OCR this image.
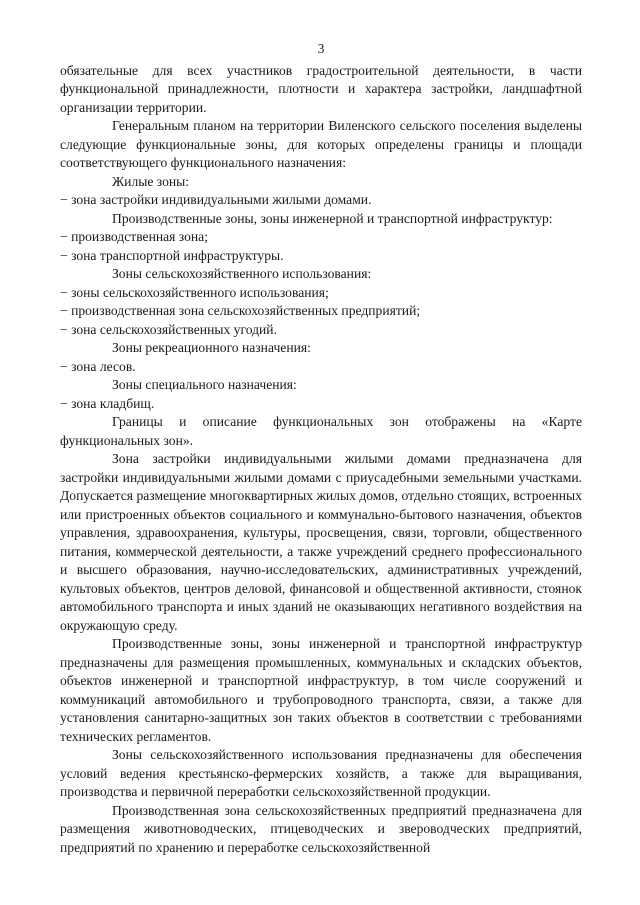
3

обязательные для всех участников градостроительной деятельности, в части функциональной принадлежности, плотности и характера застройки, ландшафтной организации территории.

Генеральным планом на территории Виленского сельского поселения выделены следующие функциональные зоны, для которых определены границы и площади соответствующего функционального назначения:

Жилые зоны:

− зона застройки индивидуальными жилыми домами.

Производственные зоны, зоны инженерной и транспортной инфраструктур:

− производственная зона;

− зона транспортной инфраструктуры.

Зоны сельскохозяйственного использования:

− зоны сельскохозяйственного использования;

− производственная зона сельскохозяйственных предприятий;

− зона сельскохозяйственных угодий.

Зоны рекреационного назначения:

− зона лесов.

Зоны специального назначения:

− зона кладбищ.

Границы и описание функциональных зон отображены на «Карте функциональных зон».

Зона застройки индивидуальными жилыми домами предназначена для застройки индивидуальными жилыми домами с приусадебными земельными участками. Допускается размещение многоквартирных жилых домов, отдельно стоящих, встроенных или пристроенных объектов социального и коммунально-бытового назначения, объектов управления, здравоохранения, культуры, просвещения, связи, торговли, общественного питания, коммерческой деятельности, а также учреждений среднего профессионального и высшего образования, научно-исследовательских, административных учреждений, культовых объектов, центров деловой, финансовой и общественной активности, стоянок автомобильного транспорта и иных зданий не оказывающих негативного воздействия на окружающую среду.

Производственные зоны, зоны инженерной и транспортной инфраструктур предназначены для размещения промышленных, коммунальных и складских объектов, объектов инженерной и транспортной инфраструктур, в том числе сооружений и коммуникаций автомобильного и трубопроводного транспорта, связи, а также для установления санитарно-защитных зон таких объектов в соответствии с требованиями технических регламентов.

Зоны сельскохозяйственного использования предназначены для обеспечения условий ведения крестьянско-фермерских хозяйств, а также для выращивания, производства и первичной переработки сельскохозяйственной продукции.

Производственная зона сельскохозяйственных предприятий предназначена для размещения животноводческих, птицеводческих и звероводческих предприятий, предприятий по хранению и переработке сельскохозяйственной
